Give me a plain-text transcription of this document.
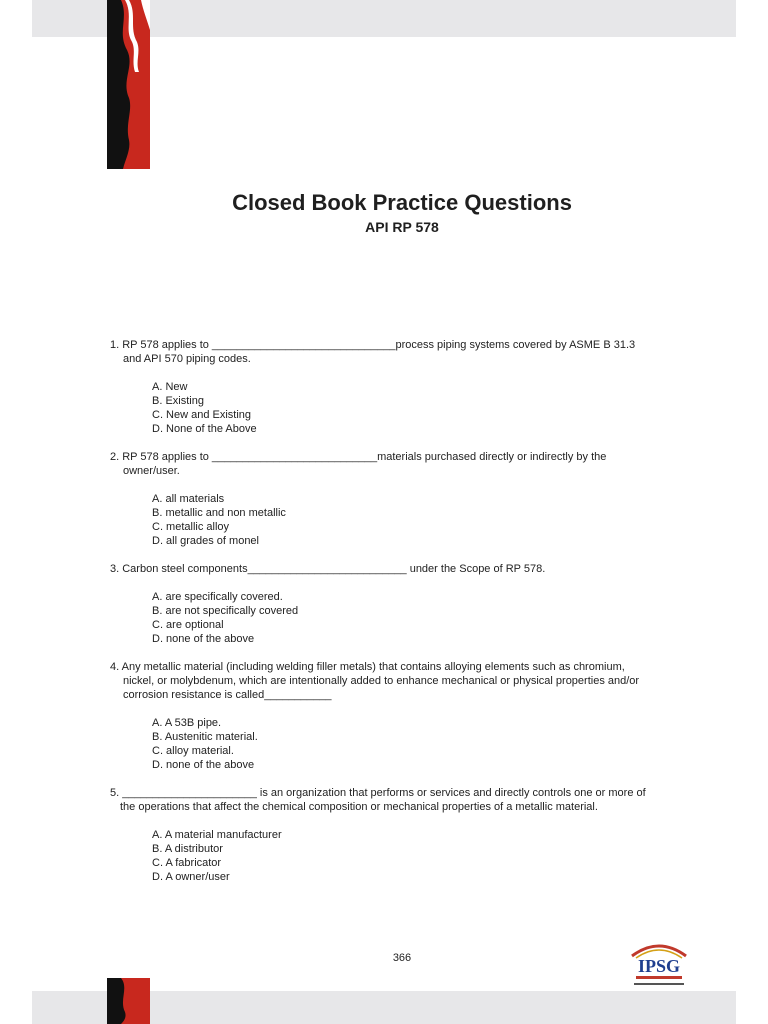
Closed Book Practice Questions
API RP 578
1. RP 578 applies to ______________________________process piping systems covered by ASME B 31.3
and API 570 piping codes.
A. New
B. Existing
C. New and Existing
D. None of the Above
2. RP 578 applies to ___________________________materials purchased directly or indirectly by the
owner/user.
A. all materials
B. metallic and non metallic
C. metallic alloy
D. all grades of monel
3. Carbon steel components__________________________ under the Scope of RP 578.
A. are specifically covered.
B. are not specifically covered
C. are optional
D. none of the above
4. Any metallic material (including welding filler metals) that contains alloying elements such as chromium,
nickel, or molybdenum, which are intentionally added to enhance mechanical or physical properties and/or
corrosion resistance is called___________
A. A 53B pipe.
B. Austenitic material.
C. alloy material.
D. none of the above
5. ______________________ is an organization that performs or services and directly controls one or more of
the operations that affect the chemical composition or mechanical properties of a metallic material.
A. A material manufacturer
B. A distributor
C. A fabricator
D. A owner/user
366	IPSG
